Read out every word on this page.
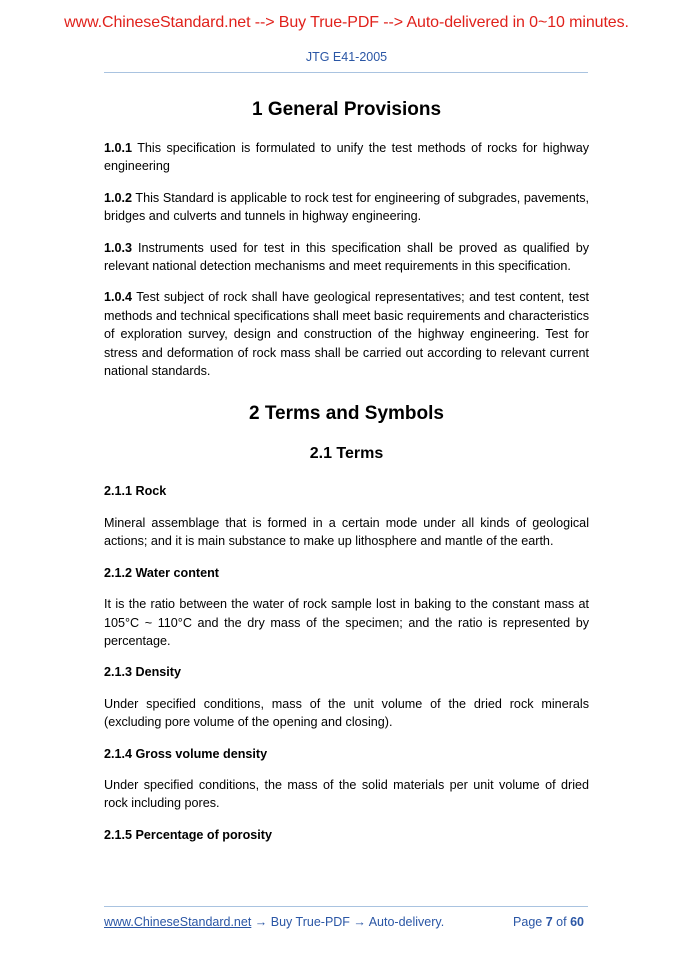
www.ChineseStandard.net --> Buy True-PDF --> Auto-delivered in 0~10 minutes.
JTG E41-2005
1 General Provisions

1.0.1 This specification is formulated to unify the test methods of rocks for highway engineering

1.0.2 This Standard is applicable to rock test for engineering of subgrades, pavements, bridges and culverts and tunnels in highway engineering.

1.0.3 Instruments used for test in this specification shall be proved as qualified by relevant national detection mechanisms and meet requirements in this specification.

1.0.4 Test subject of rock shall have geological representatives; and test content, test methods and technical specifications shall meet basic requirements and characteristics of exploration survey, design and construction of the highway engineering. Test for stress and deformation of rock mass shall be carried out according to relevant current national standards.

2 Terms and Symbols
2.1 Terms
2.1.1 Rock

Mineral assemblage that is formed in a certain mode under all kinds of geological actions; and it is main substance to make up lithosphere and mantle of the earth.

2.1.2 Water content

It is the ratio between the water of rock sample lost in baking to the constant mass at 105°C ~ 110°C and the dry mass of the specimen; and the ratio is represented by percentage.

2.1.3 Density

Under specified conditions, mass of the unit volume of the dried rock minerals (excluding pore volume of the opening and closing).

2.1.4 Gross volume density

Under specified conditions, the mass of the solid materials per unit volume of dried rock including pores.

2.1.5 Percentage of porosity
www.ChineseStandard.net → Buy True-PDF → Auto-delivery.	Page 7 of 60
